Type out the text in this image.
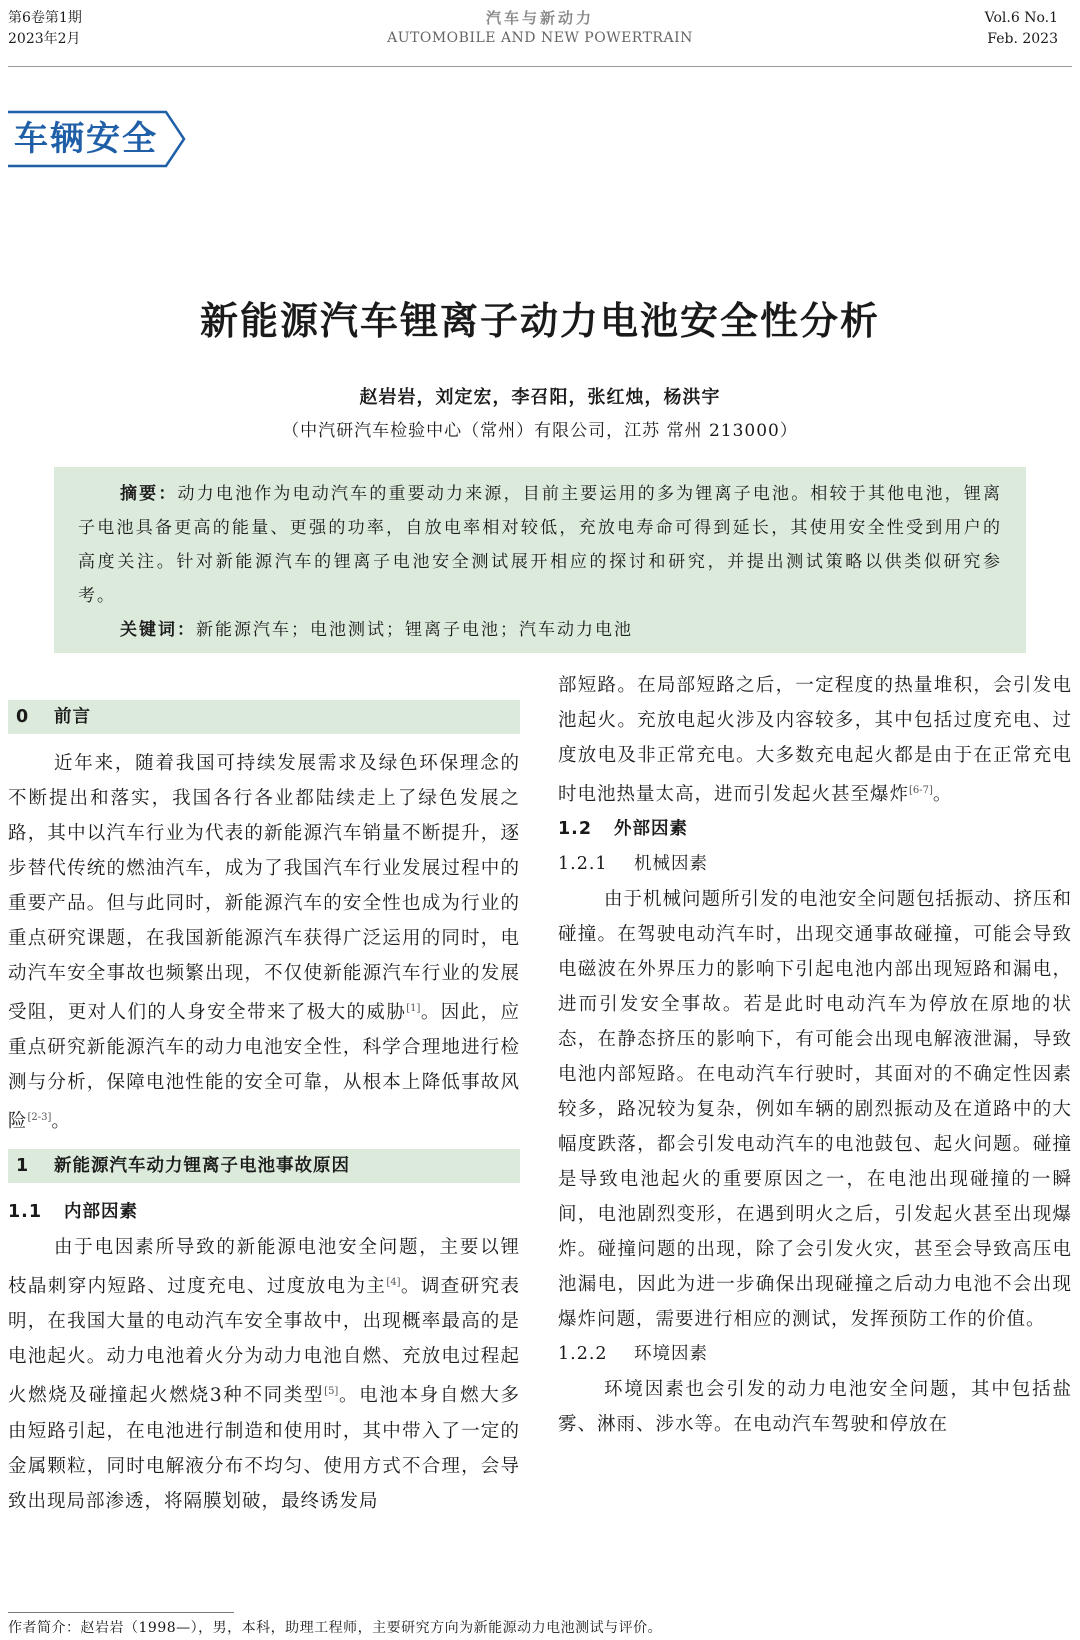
第6卷第1期
2023年2月
汽车与新动力
AUTOMOBILE AND NEW POWERTRAIN
Vol.6 No.1
Feb. 2023
车辆安全
新能源汽车锂离子动力电池安全性分析
赵岩岩，刘定宏，李召阳，张红烛，杨洪宇
（中汽研汽车检验中心（常州）有限公司，江苏 常州 213000）

摘要：动力电池作为电动汽车的重要动力来源，目前主要运用的多为锂离子电池。相较于其他电池，锂离子电池具备更高的能量、更强的功率，自放电率相对较低，充放电寿命可得到延长，其使用安全性受到用户的高度关注。针对新能源汽车的锂离子电池安全测试展开相应的探讨和研究，并提出测试策略以供类似研究参考。

关键词：新能源汽车；电池测试；锂离子电池；汽车动力电池

0 前言

近年来，随着我国可持续发展需求及绿色环保理念的不断提出和落实，我国各行各业都陆续走上了绿色发展之路，其中以汽车行业为代表的新能源汽车销量不断提升，逐步替代传统的燃油汽车，成为了我国汽车行业发展过程中的重要产品。但与此同时，新能源汽车的安全性也成为行业的重点研究课题，在我国新能源汽车获得广泛运用的同时，电动汽车安全事故也频繁出现，不仅使新能源汽车行业的发展受阻，更对人们的人身安全带来了极大的威胁[1]。因此，应重点研究新能源汽车的动力电池安全性，科学合理地进行检测与分析，保障电池性能的安全可靠，从根本上降低事故风险[2-3]。

1 新能源汽车动力锂离子电池事故原因

1.1 内部因素

由于电因素所导致的新能源电池安全问题，主要以锂枝晶刺穿内短路、过度充电、过度放电为主[4]。调查研究表明，在我国大量的电动汽车安全事故中，出现概率最高的是电池起火。动力电池着火分为动力电池自燃、充放电过程起火燃烧及碰撞起火燃烧3种不同类型[5]。电池本身自燃大多由短路引起，在电池进行制造和使用时，其中带入了一定的金属颗粒，同时电解液分布不均匀、使用方式不合理，会导致出现局部渗透，将隔膜划破，最终诱发局

部短路。在局部短路之后，一定程度的热量堆积，会引发电池起火。充放电起火涉及内容较多，其中包括过度充电、过度放电及非正常充电。大多数充电起火都是由于在正常充电时电池热量太高，进而引发起火甚至爆炸[6-7]。

1.2 外部因素

1.2.1 机械因素

由于机械问题所引发的电池安全问题包括振动、挤压和碰撞。在驾驶电动汽车时，出现交通事故碰撞，可能会导致电磁波在外界压力的影响下引起电池内部出现短路和漏电，进而引发安全事故。若是此时电动汽车为停放在原地的状态，在静态挤压的影响下，有可能会出现电解液泄漏，导致电池内部短路。在电动汽车行驶时，其面对的不确定性因素较多，路况较为复杂，例如车辆的剧烈振动及在道路中的大幅度跌落，都会引发电动汽车的电池鼓包、起火问题。碰撞是导致电池起火的重要原因之一，在电池出现碰撞的一瞬间，电池剧烈变形，在遇到明火之后，引发起火甚至出现爆炸。碰撞问题的出现，除了会引发火灾，甚至会导致高压电池漏电，因此为进一步确保出现碰撞之后动力电池不会出现爆炸问题，需要进行相应的测试，发挥预防工作的价值。

1.2.2 环境因素

环境因素也会引发的动力电池安全问题，其中包括盐雾、淋雨、涉水等。在电动汽车驾驶和停放在

作者简介：赵岩岩（1998—），男，本科，助理工程师，主要研究方向为新能源动力电池测试与评价。
